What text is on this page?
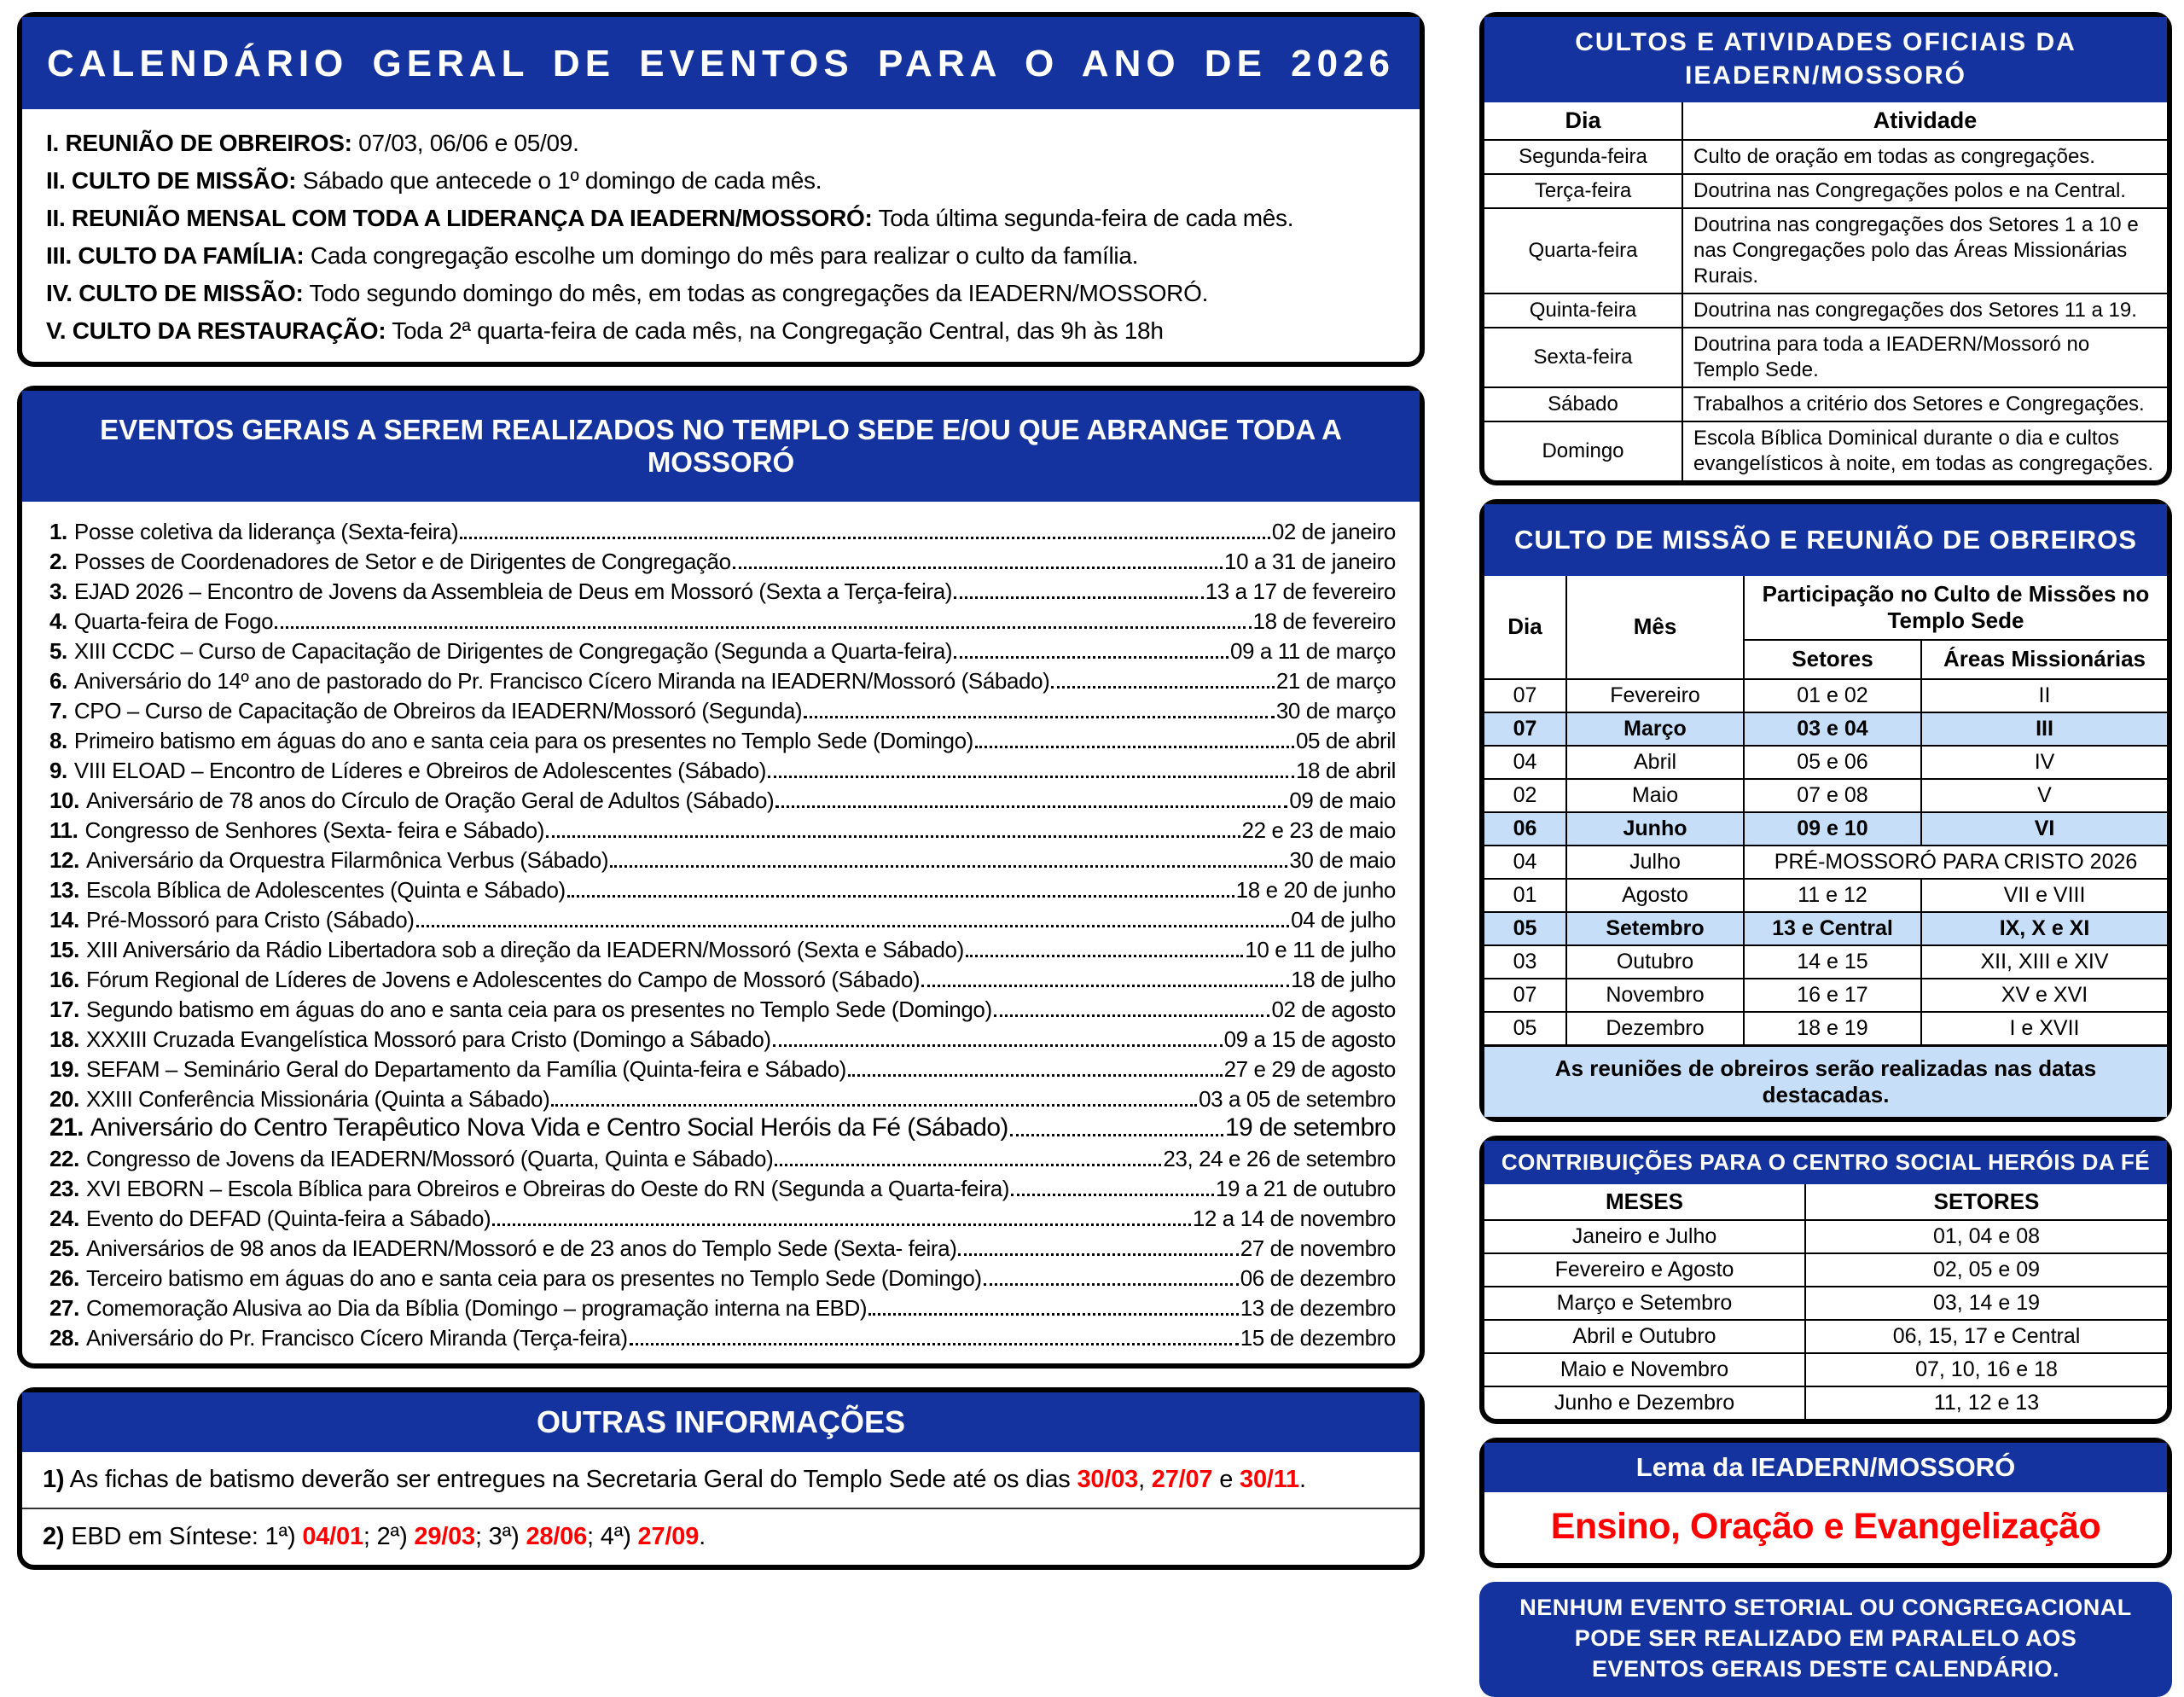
CALENDÁRIO GERAL DE EVENTOS PARA O ANO DE 2026

I. REUNIÃO DE OBREIROS: 07/03, 06/06 e 05/09.

II. CULTO DE MISSÃO: Sábado que antecede o 1º domingo de cada mês.

II. REUNIÃO MENSAL COM TODA A LIDERANÇA DA IEADERN/MOSSORÓ: Toda última segunda-feira de cada mês.

III. CULTO DA FAMÍLIA: Cada congregação escolhe um domingo do mês para realizar o culto da família.

IV. CULTO DE MISSÃO: Todo segundo domingo do mês, em todas as congregações da IEADERN/MOSSORÓ.

V. CULTO DA RESTAURAÇÃO: Toda 2ª quarta-feira de cada mês, na Congregação Central, das 9h às 18h

EVENTOS GERAIS A SEREM REALIZADOS NO TEMPLO SEDE E/OU QUE ABRANGE TODA A MOSSORÓ
1. Posse coletiva da liderança (Sexta-feira)	02 de janeiro
2. Posses de Coordenadores de Setor e de Dirigentes de Congregação	10 a 31 de janeiro
3. EJAD 2026 – Encontro de Jovens da Assembleia de Deus em Mossoró (Sexta a Terça-feira)	13 a 17 de fevereiro
4. Quarta-feira de Fogo	18 de fevereiro
5. XIII CCDC – Curso de Capacitação de Dirigentes de Congregação (Segunda a Quarta-feira)	09 a 11 de março
6. Aniversário do 14º ano de pastorado do Pr. Francisco Cícero Miranda na IEADERN/Mossoró (Sábado)	21 de março
7. CPO – Curso de Capacitação de Obreiros da IEADERN/Mossoró (Segunda)	30 de março
8. Primeiro batismo em águas do ano e santa ceia para os presentes no Templo Sede (Domingo)	05 de abril
9. VIII ELOAD – Encontro de Líderes e Obreiros de Adolescentes (Sábado)	18 de abril
10. Aniversário de 78 anos do Círculo de Oração Geral de Adultos (Sábado)	09 de maio
11. Congresso de Senhores (Sexta- feira e Sábado)	22 e 23 de maio
12. Aniversário da Orquestra Filarmônica Verbus (Sábado)	30 de maio
13. Escola Bíblica de Adolescentes (Quinta e Sábado)	18 e 20 de junho
14. Pré-Mossoró para Cristo (Sábado)	04 de julho
15. XIII Aniversário da Rádio Libertadora sob a direção da IEADERN/Mossoró (Sexta e Sábado)	10 e 11 de julho
16. Fórum Regional de Líderes de Jovens e Adolescentes do Campo de Mossoró (Sábado)	18 de julho
17. Segundo batismo em águas do ano e santa ceia para os presentes no Templo Sede (Domingo)	02 de agosto
18. XXXIII Cruzada Evangelística Mossoró para Cristo (Domingo a Sábado)	09 a 15 de agosto
19. SEFAM – Seminário Geral do Departamento da Família (Quinta-feira e Sábado)	27 e 29 de agosto
20. XXIII Conferência Missionária (Quinta a Sábado)	03 a 05 de setembro
21. Aniversário do Centro Terapêutico Nova Vida e Centro Social Heróis da Fé (Sábado)	19 de setembro
22. Congresso de Jovens da IEADERN/Mossoró (Quarta, Quinta e Sábado)	23, 24 e 26 de setembro
23. XVI EBORN – Escola Bíblica para Obreiros e Obreiras do Oeste do RN (Segunda a Quarta-feira)	19 a 21 de outubro
24. Evento do DEFAD (Quinta-feira a Sábado)	12 a 14 de novembro
25. Aniversários de 98 anos da IEADERN/Mossoró e de 23 anos do Templo Sede (Sexta- feira)	27 de novembro
26. Terceiro batismo em águas do ano e santa ceia para os presentes no Templo Sede (Domingo)	06 de dezembro
27. Comemoração Alusiva ao Dia da Bíblia (Domingo – programação interna na EBD)	13 de dezembro
28. Aniversário do Pr. Francisco Cícero Miranda (Terça-feira)	15 de dezembro
OUTRAS INFORMAÇÕES
1) As fichas de batismo deverão ser entregues na Secretaria Geral do Templo Sede até os dias 30/03, 27/07 e 30/11.
2) EBD em Síntese: 1ª) 04/01; 2ª) 29/03; 3ª) 28/06; 4ª) 27/09.
CULTOS E ATIVIDADES OFICIAIS DA IEADERN/MOSSORÓ
Dia	Atividade
Segunda-feira	Culto de oração em todas as congregações.
Terça-feira	Doutrina nas Congregações polos e na Central.
Quarta-feira	Doutrina nas congregações dos Setores 1 a 10 e nas Congregações polo das Áreas Missionárias Rurais.
Quinta-feira	Doutrina nas congregações dos Setores 11 a 19.
Sexta-feira	Doutrina para toda a IEADERN/Mossoró no Templo Sede.
Sábado	Trabalhos a critério dos Setores e Congregações.
Domingo	Escola Bíblica Dominical durante o dia e cultos evangelísticos à noite, em todas as congregações.
CULTO DE MISSÃO E REUNIÃO DE OBREIROS
Dia	Mês	Participação no Culto de Missões no Templo Sede	
		Setores	Áreas Missionárias
07	Fevereiro	01 e 02	II
07	Março	03 e 04	III
04	Abril	05 e 06	IV
02	Maio	07 e 08	V
06	Junho	09 e 10	VI
04	Julho	PRÉ-MOSSORÓ PARA CRISTO 2026	
01	Agosto	11 e 12	VII e VIII
05	Setembro	13 e Central	IX, X e XI
03	Outubro	14 e 15	XII, XIII e XIV
07	Novembro	16 e 17	XV e XVI
05	Dezembro	18 e 19	I e XVII
As reuniões de obreiros serão realizadas nas datas destacadas.
CONTRIBUIÇÕES PARA O CENTRO SOCIAL HERÓIS DA FÉ
MESES	SETORES
Janeiro e Julho	01, 04 e 08
Fevereiro e Agosto	02, 05 e 09
Março e Setembro	03, 14 e 19
Abril e Outubro	06, 15, 17 e Central
Maio e Novembro	07, 10, 16 e 18
Junho e Dezembro	11, 12 e 13
Lema da IEADERN/MOSSORÓ
Ensino, Oração e Evangelização

NENHUM EVENTO SETORIAL OU CONGREGACIONAL

PODE SER REALIZADO EM PARALELO AOS

EVENTOS GERAIS DESTE CALENDÁRIO.
